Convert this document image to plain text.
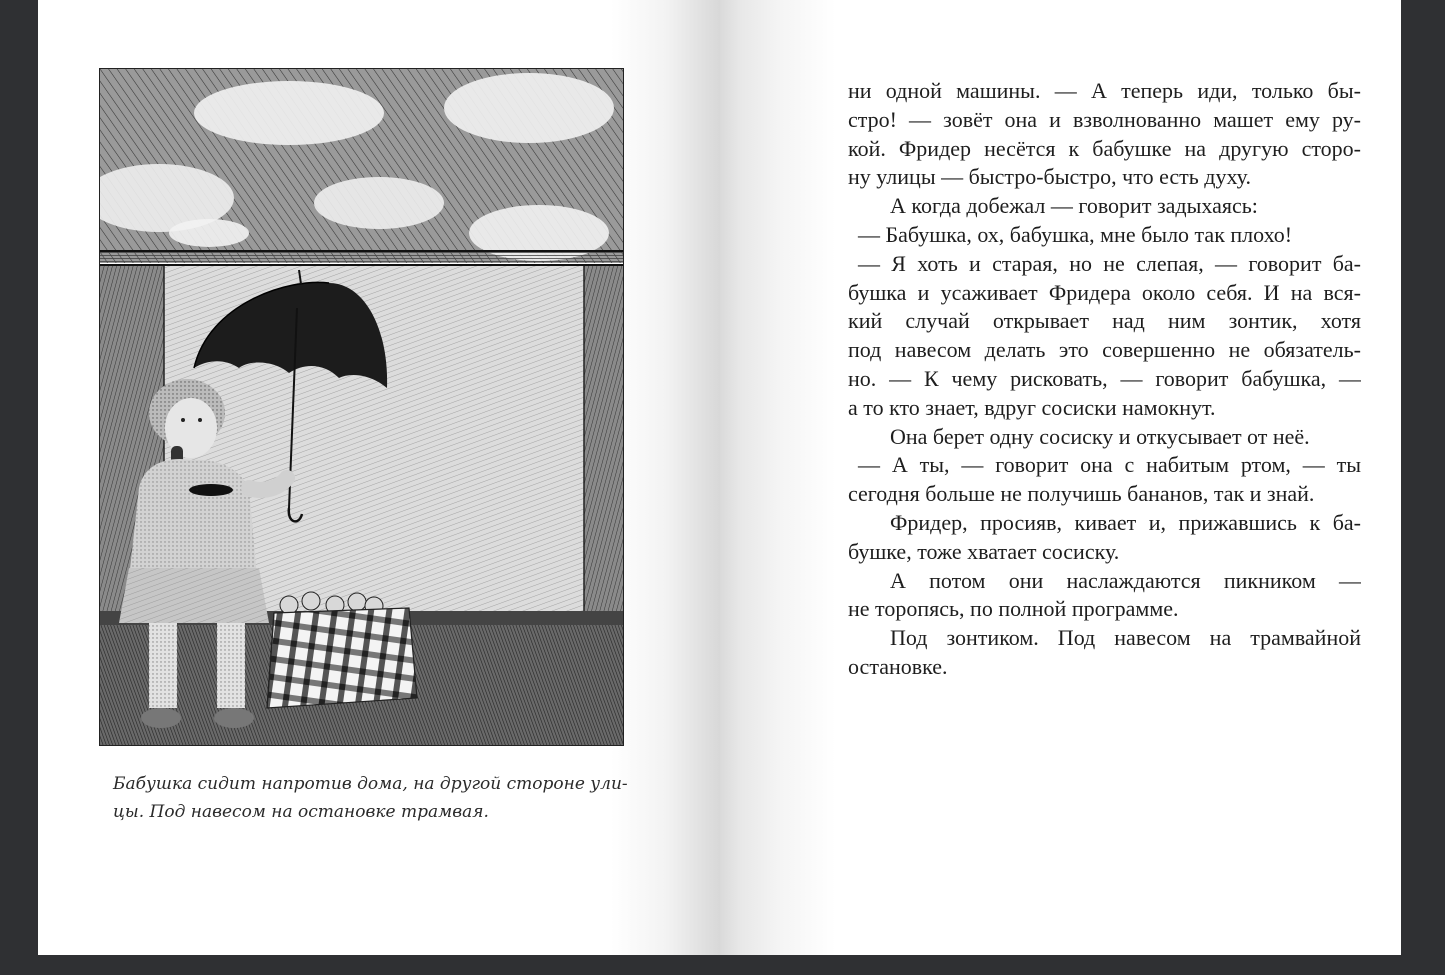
Бабушка сидит напротив дома, на другой стороне ули-
цы. Под навесом на остановке трамвая.

ни одной машины. — А теперь иди, только бы-
стро! — зовёт она и взволнованно машет ему ру-
кой. Фридер несётся к бабушке на другую сторо-
ну улицы — быстро-быстро, что есть духу.
А когда добежал — говорит задыхаясь:
— Бабушка, ох, бабушка, мне было так плохо!
— Я хоть и старая, но не слепая, — говорит ба-
бушка и усаживает Фридера около себя. И на вся-
кий случай открывает над ним зонтик, хотя
под навесом делать это совершенно не обязатель-
но. — К чему рисковать, — говорит бабушка, —
а то кто знает, вдруг сосиски намокнут.
Она берет одну сосиску и откусывает от неё.
— А ты, — говорит она с набитым ртом, — ты
сегодня больше не получишь бананов, так и знай.
Фридер, просияв, кивает и, прижавшись к ба-
бушке, тоже хватает сосиску.
А потом они наслаждаются пикником —
не торопясь, по полной программе.
Под зонтиком. Под навесом на трамвайной
остановке.
